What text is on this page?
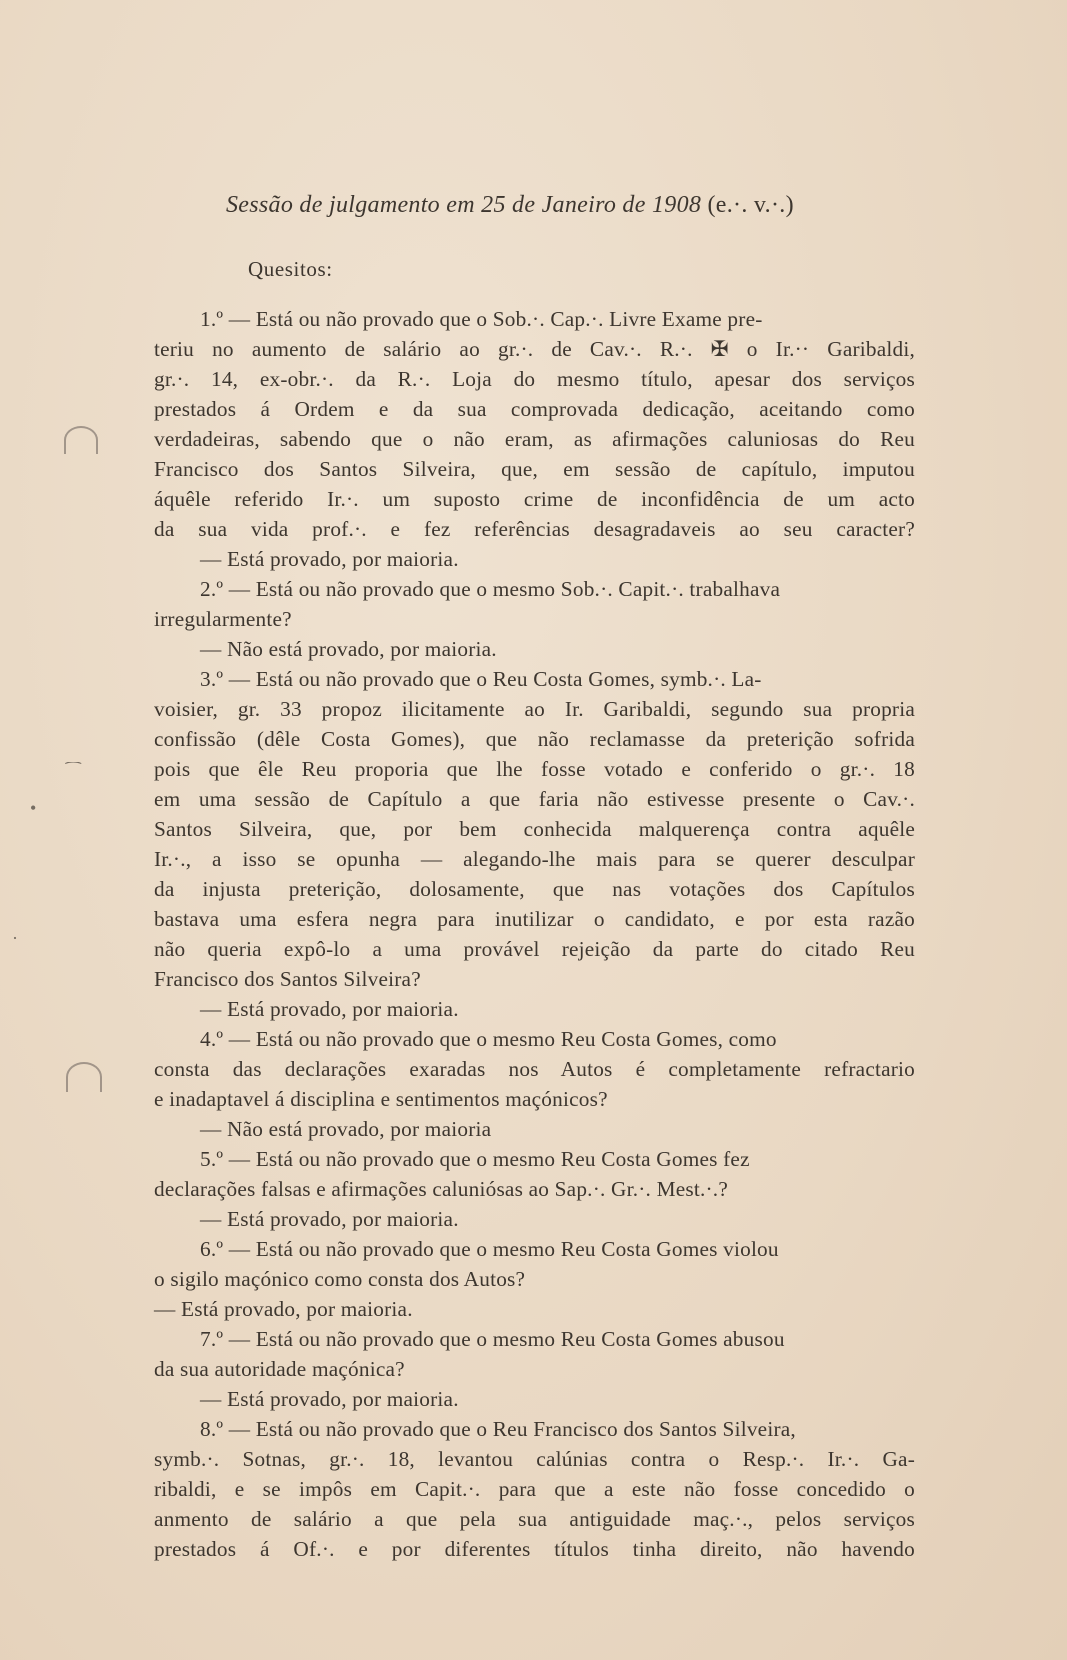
Sessão de julgamento em 25 de Janeiro de 1908 (e.·. v.·.)
Quesitos:
1.º — Está ou não provado que o Sob.·. Cap.·. Livre Exame pre-
teriu no aumento de salário ao gr.·. de Cav.·. R.·. ✠ o Ir.·· Garibaldi,
gr.·. 14, ex-obr.·. da R.·. Loja do mesmo título, apesar dos serviços
prestados á Ordem e da sua comprovada dedicação, aceitando como
verdadeiras, sabendo que o não eram, as afirmações caluniosas do Reu
Francisco dos Santos Silveira, que, em sessão de capítulo, imputou
áquêle referido Ir.·. um suposto crime de inconfidência de um acto
da sua vida prof.·. e fez referências desagradaveis ao seu caracter?
— Está provado, por maioria.
2.º — Está ou não provado que o mesmo Sob.·. Capit.·. trabalhava
irregularmente?
— Não está provado, por maioria.
3.º — Está ou não provado que o Reu Costa Gomes, symb.·. La-
voisier, gr. 33 propoz ilicitamente ao Ir. Garibaldi, segundo sua propria
confissão (dêle Costa Gomes), que não reclamasse da preterição sofrida
pois que êle Reu proporia que lhe fosse votado e conferido o gr.·. 18
em uma sessão de Capítulo a que faria não estivesse presente o Cav.·.
Santos Silveira, que, por bem conhecida malquerença contra aquêle
Ir.·., a isso se opunha — alegando-lhe mais para se querer desculpar
da injusta preterição, dolosamente, que nas votações dos Capítulos
bastava uma esfera negra para inutilizar o candidato, e por esta razão
não queria expô-lo a uma provável rejeição da parte do citado Reu
Francisco dos Santos Silveira?
— Está provado, por maioria.
4.º — Está ou não provado que o mesmo Reu Costa Gomes, como
consta das declarações exaradas nos Autos é completamente refractario
e inadaptavel á disciplina e sentimentos maçónicos?
— Não está provado, por maioria
5.º — Está ou não provado que o mesmo Reu Costa Gomes fez
declarações falsas e afirmações caluniósas ao Sap.·. Gr.·. Mest.·.?
— Está provado, por maioria.
6.º — Está ou não provado que o mesmo Reu Costa Gomes violou
o sigilo maçónico como consta dos Autos?
— Está provado, por maioria.
7.º — Está ou não provado que o mesmo Reu Costa Gomes abusou
da sua autoridade maçónica?
— Está provado, por maioria.
8.º — Está ou não provado que o Reu Francisco dos Santos Silveira,
symb.·. Sotnas, gr.·. 18, levantou calúnias contra o Resp.·. Ir.·. Ga-
ribaldi, e se impôs em Capit.·. para que a este não fosse concedido o
anmento de salário a que pela sua antiguidade maç.·., pelos serviços
prestados á Of.·. e por diferentes títulos tinha direito, não havendo
⁀
•
·
